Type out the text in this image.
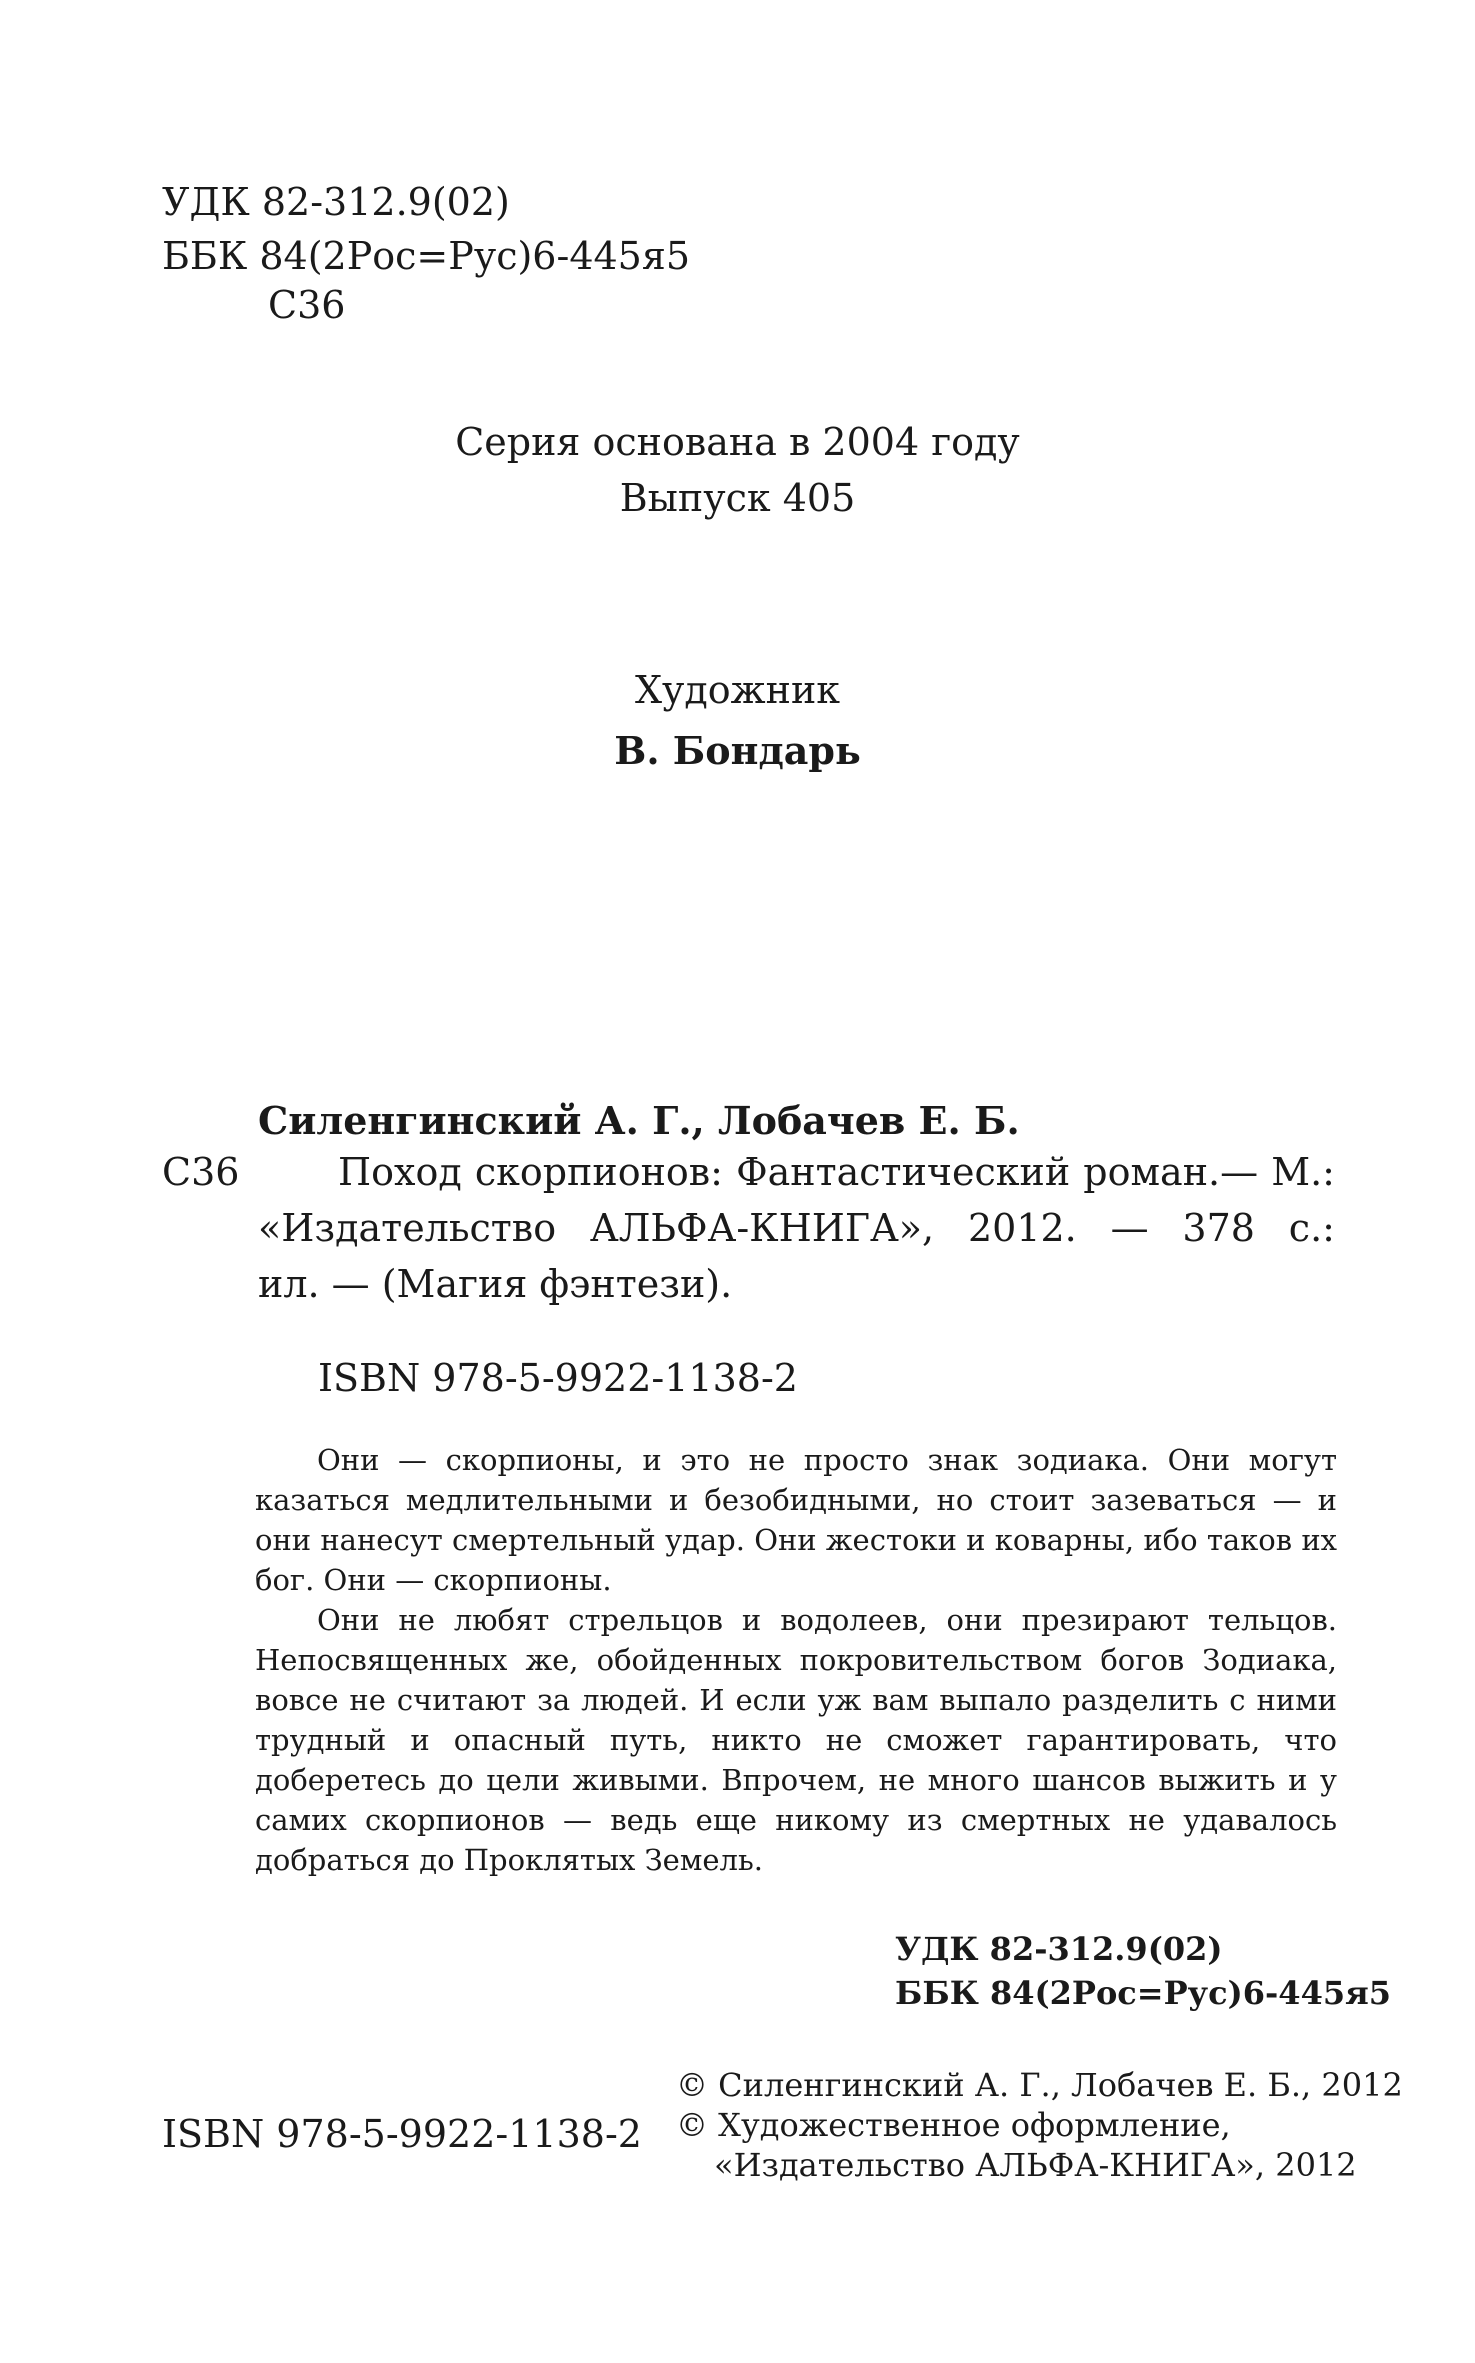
УДК 82-312.9(02)
ББК 84(2Рос=Рус)6-445я5
С36
Серия основана в 2004 году
Выпуск 405
Художник
В. Бондарь
Силенгинский А. Г., Лобачев Е. Б.
С36	Поход скорпионов: Фантастический роман.— М.:
«Издательство АЛЬФА-КНИГА», 2012. — 378 с.:
ил. — (Магия фэнтези).
ISBN 978-5-9922-1138-2

Они — скорпионы, и это не просто знак зодиака. Они могут казаться медлительными и безобидными, но стоит зазеваться — и они нанесут смертельный удар. Они жестоки и коварны, ибо таков их бог. Они — скорпионы.

Они не любят стрельцов и водолеев, они презирают тельцов. Непосвященных же, обойденных покровительством богов Зодиака, вовсе не считают за людей. И если уж вам выпало разделить с ними трудный и опасный путь, никто не сможет гарантировать, что доберетесь до цели живыми. Впрочем, не много шансов выжить и у самих скорпионов — ведь еще никому из смертных не удавалось добраться до Проклятых Земель.

УДК 82-312.9(02)
ББК 84(2Рос=Рус)6-445я5
ISBN 978-5-9922-1138-2
© Силенгинский А. Г., Лобачев Е. Б., 2012
© Художественное оформление,
«Издательство АЛЬФА-КНИГА», 2012
